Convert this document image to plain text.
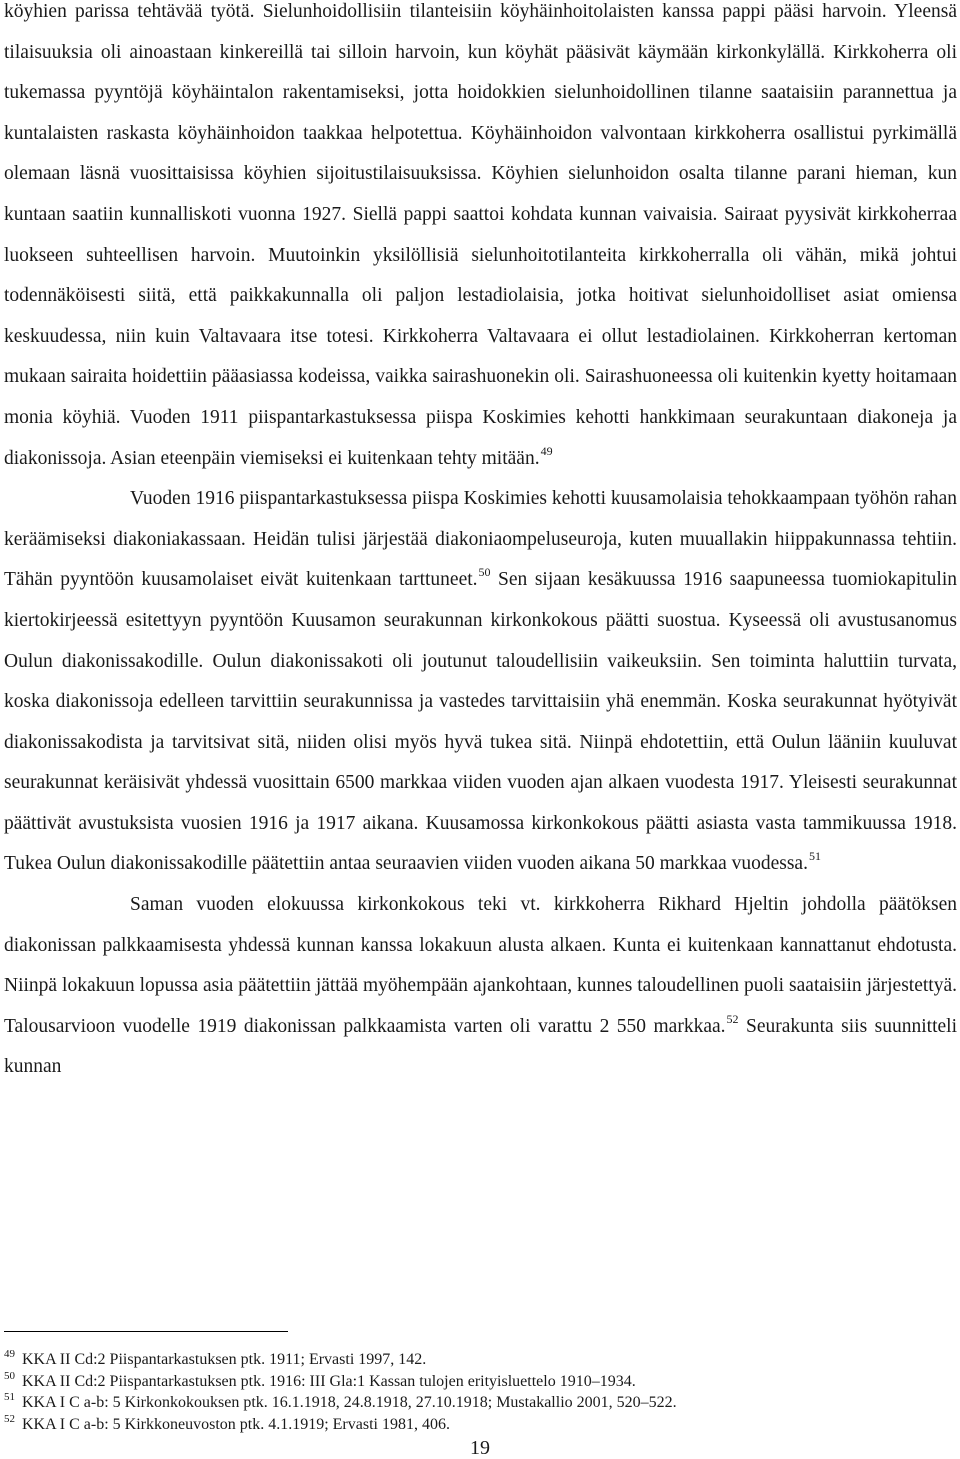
köyhien parissa tehtävää työtä. Sielunhoidollisiin tilanteisiin köyhäinhoitolaisten kanssa pappi pääsi harvoin. Yleensä tilaisuuksia oli ainoastaan kinkereillä tai silloin harvoin, kun köyhät pääsivät käymään kirkonkylällä. Kirkkoherra oli tukemassa pyyntöjä köyhäintalon rakentamiseksi, jotta hoidokkien sielunhoidollinen tilanne saataisiin parannettua ja kuntalaisten raskasta köyhäinhoidon taakkaa helpotettua. Köyhäinhoidon valvontaan kirkkoherra osallistui pyrkimällä olemaan läsnä vuosittaisissa köyhien sijoitustilaisuuksissa. Köyhien sielunhoidon osalta tilanne parani hieman, kun kuntaan saatiin kunnalliskoti vuonna 1927. Siellä pappi saattoi kohdata kunnan vaivaisia. Sairaat pyysivät kirkkoherraa luokseen suhteellisen harvoin. Muutoinkin yksilöllisiä sielunhoitotilanteita kirkkoherralla oli vähän, mikä johtui todennäköisesti siitä, että paikkakunnalla oli paljon lestadiolaisia, jotka hoitivat sielunhoidolliset asiat omiensa keskuudessa, niin kuin Valtavaara itse totesi. Kirkkoherra Valtavaara ei ollut lestadiolainen. Kirkkoherran kertoman mukaan sairaita hoidettiin pääasiassa kodeissa, vaikka sairashuonekin oli. Sairashuoneessa oli kuitenkin kyetty hoitamaan monia köyhiä. Vuoden 1911 piispantarkastuksessa piispa Koskimies kehotti hankkimaan seurakuntaan diakoneja ja diakonissoja. Asian eteenpäin viemiseksi ei kuitenkaan tehty mitään.$^{49}$

Vuoden 1916 piispantarkastuksessa piispa Koskimies kehotti kuusamolaisia tehokkaampaan työhön rahan keräämiseksi diakoniakassaan. Heidän tulisi järjestää diakoniaompeluseuroja, kuten muuallakin hiippakunnassa tehtiin. Tähän pyyntöön kuusamolaiset eivät kuitenkaan tarttuneet.$^{50}$ Sen sijaan kesäkuussa 1916 saapuneessa tuomiokapitulin kiertokirjeessä esitettyyn pyyntöön Kuusamon seurakunnan kirkonkokous päätti suostua. Kyseessä oli avustusanomus Oulun diakonissakodille. Oulun diakonissakoti oli joutunut taloudellisiin vaikeuksiin. Sen toiminta haluttiin turvata, koska diakonissoja edelleen tarvittiin seurakunnissa ja vastedes tarvittaisiin yhä enemmän. Koska seurakunnat hyötyivät diakonissakodista ja tarvitsivat sitä, niiden olisi myös hyvä tukea sitä. Niinpä ehdotettiin, että Oulun lääniin kuuluvat seurakunnat keräisivät yhdessä vuosittain 6500 markkaa viiden vuoden ajan alkaen vuodesta 1917. Yleisesti seurakunnat päättivät avustuksista vuosien 1916 ja 1917 aikana. Kuusamossa kirkonkokous päätti asiasta vasta tammikuussa 1918. Tukea Oulun diakonissakodille päätettiin antaa seuraavien viiden vuoden aikana 50 markkaa vuodessa.$^{51}$

Saman vuoden elokuussa kirkonkokous teki vt. kirkkoherra Rikhard Hjeltin johdolla päätöksen diakonissan palkkaamisesta yhdessä kunnan kanssa lokakuun alusta alkaen. Kunta ei kuitenkaan kannattanut ehdotusta. Niinpä lokakuun lopussa asia päätettiin jättää myöhempään ajankohtaan, kunnes taloudellinen puoli saataisiin järjestettyä. Talousarvioon vuodelle 1919 diakonissan palkkaamista varten oli varattu 2 550 markkaa.$^{52}$ Seurakunta siis suunnitteli kunnan

$^{49}$ KKA II Cd:2 Piispantarkastuksen ptk. 1911; Ervasti 1997, 142.
$^{50}$ KKA II Cd:2 Piispantarkastuksen ptk. 1916: III Gla:1 Kassan tulojen erityisluettelo 1910–1934.
$^{51}$ KKA I C a-b: 5 Kirkonkokouksen ptk. 16.1.1918, 24.8.1918, 27.10.1918; Mustakallio 2001, 520–522.
$^{52}$ KKA I C a-b: 5 Kirkkoneuvoston ptk. 4.1.1919; Ervasti 1981, 406.
19
